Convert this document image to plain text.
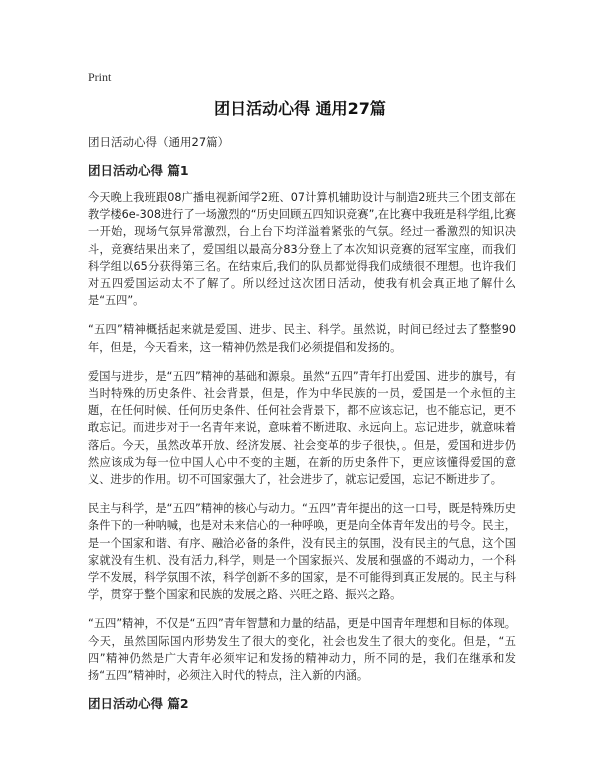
Print
团日活动心得 通用27篇
团日活动心得（通用27篇）
团日活动心得 篇1

今天晚上我班跟08广播电视新闻学2班、07计算机辅助设计与制造2班共三个团支部在教学楼6e-308进行了一场激烈的“历史回顾五四知识竞赛”,在比赛中我班是科学组,比赛一开始，现场气氛异常激烈，台上台下均洋溢着紧张的气氛。经过一番激烈的知识决斗，竞赛结果出来了，爱国组以最高分83分登上了本次知识竞赛的冠军宝座，而我们科学组以65分获得第三名。在结束后,我们的队员都觉得我们成绩很不理想。也许我们对五四爱国运动太不了解了。所以经过这次团日活动，使我有机会真正地了解什么是“五四”。

“五四”精神概括起来就是爱国、进步、民主、科学。虽然说，时间已经过去了整整90年，但是，今天看来，这一精神仍然是我们必须提倡和发扬的。

爱国与进步，是“五四”精神的基础和源泉。虽然“五四”青年打出爱国、进步的旗号，有当时特殊的历史条件、社会背景，但是，作为中华民族的一员，爱国是一个永恒的主题，在任何时候、任何历史条件、任何社会背景下，都不应该忘记，也不能忘记，更不敢忘记。而进步对于一名青年来说，意味着不断进取、永远向上。忘记进步，就意味着落后。今天，虽然改革开放、经济发展、社会变革的步子很快，。但是，爱国和进步仍然应该成为每一位中国人心中不变的主题，在新的历史条件下，更应该懂得爱国的意义、进步的作用。切不可国家强大了，社会进步了，就忘记爱国，忘记不断进步了。

民主与科学，是“五四”精神的核心与动力。“五四”青年提出的这一口号，既是特殊历史条件下的一种呐喊，也是对未来信心的一种呼唤，更是向全体青年发出的号令。民主，是一个国家和谐、有序、融洽必备的条件，没有民主的氛围，没有民主的气息，这个国家就没有生机、没有活力,科学，则是一个国家振兴、发展和强盛的不竭动力，一个科学不发展，科学氛围不浓，科学创新不多的国家，是不可能得到真正发展的。民主与科学，贯穿于整个国家和民族的发展之路、兴旺之路、振兴之路。

“五四”精神，不仅是“五四”青年智慧和力量的结晶，更是中国青年理想和目标的体现。今天，虽然国际国内形势发生了很大的变化，社会也发生了很大的变化。但是，“五四”精神仍然是广大青年必须牢记和发扬的精神动力，所不同的是，我们在继承和发扬“五四”精神时，必须注入时代的特点，注入新的内涵。

团日活动心得 篇2
